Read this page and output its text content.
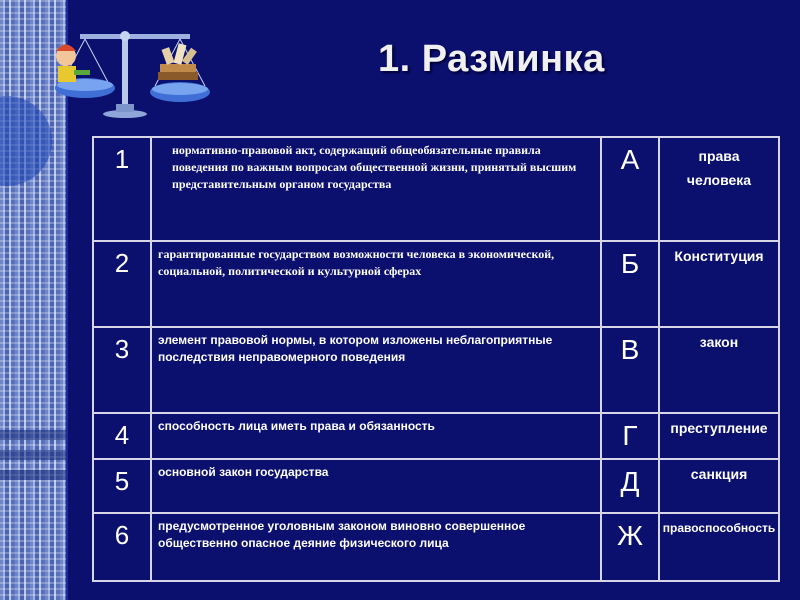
1. Разминка
1	нормативно-правовой акт, содержащий общеобязательные правила поведения по важным вопросам общественной жизни, принятый высшим представительным органом государства	А	права человека
2	гарантированные государством возможности человека в экономической, социальной, политической и культурной сферах	Б	Конституция
3	элемент правовой нормы, в котором изложены неблагоприятные последствия неправомерного поведения	В	закон
4	способность лица иметь права и обязанность	Г	преступление
5	основной закон государства	Д	санкция
6	предусмотренное уголовным законом виновно совершенное общественно опасное деяние физического лица	Ж	правоспособность
